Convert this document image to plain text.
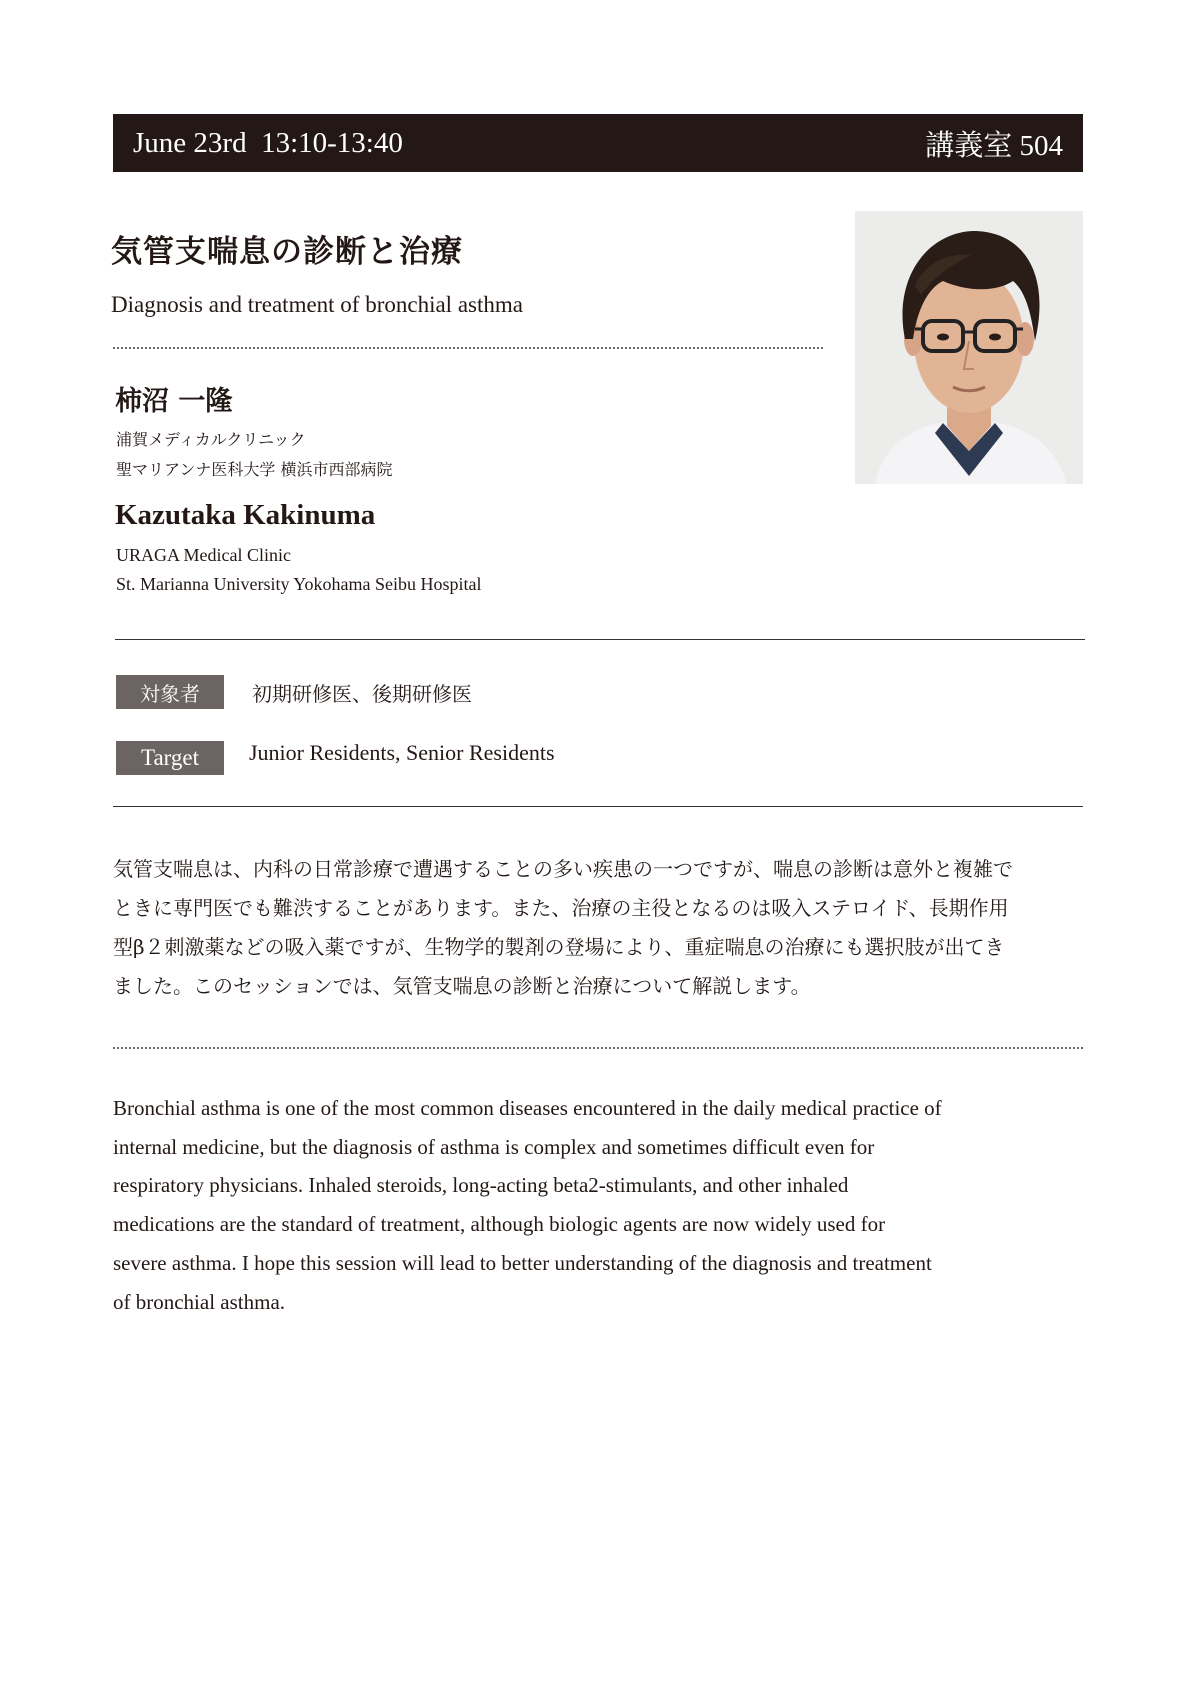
June 23rd  13:10-13:40	講義室 504
気管支喘息の診断と治療
Diagnosis and treatment of bronchial asthma
柿沼 一隆
浦賀メディカルクリニック
聖マリアンナ医科大学 横浜市西部病院
Kazutaka Kakinuma
URAGA Medical Clinic
St. Marianna University Yokohama Seibu Hospital
対象者	初期研修医、後期研修医
Target	Junior Residents, Senior Residents

気管支喘息は、内科の日常診療で遭遇することの多い疾患の一つですが、喘息の診断は意外と複雑で

ときに専門医でも難渋することがあります。また、治療の主役となるのは吸入ステロイド、長期作用

型β２刺激薬などの吸入薬ですが、生物学的製剤の登場により、重症喘息の治療にも選択肢が出てき

ました。このセッションでは、気管支喘息の診断と治療について解説します。

Bronchial asthma is one of the most common diseases encountered in the daily medical practice of

internal medicine, but the diagnosis of asthma is complex and sometimes difficult even for

respiratory physicians. Inhaled steroids, long-acting beta2-stimulants, and other inhaled

medications are the standard of treatment, although biologic agents are now widely used for

severe asthma. I hope this session will lead to better understanding of the diagnosis and treatment

of bronchial asthma.
